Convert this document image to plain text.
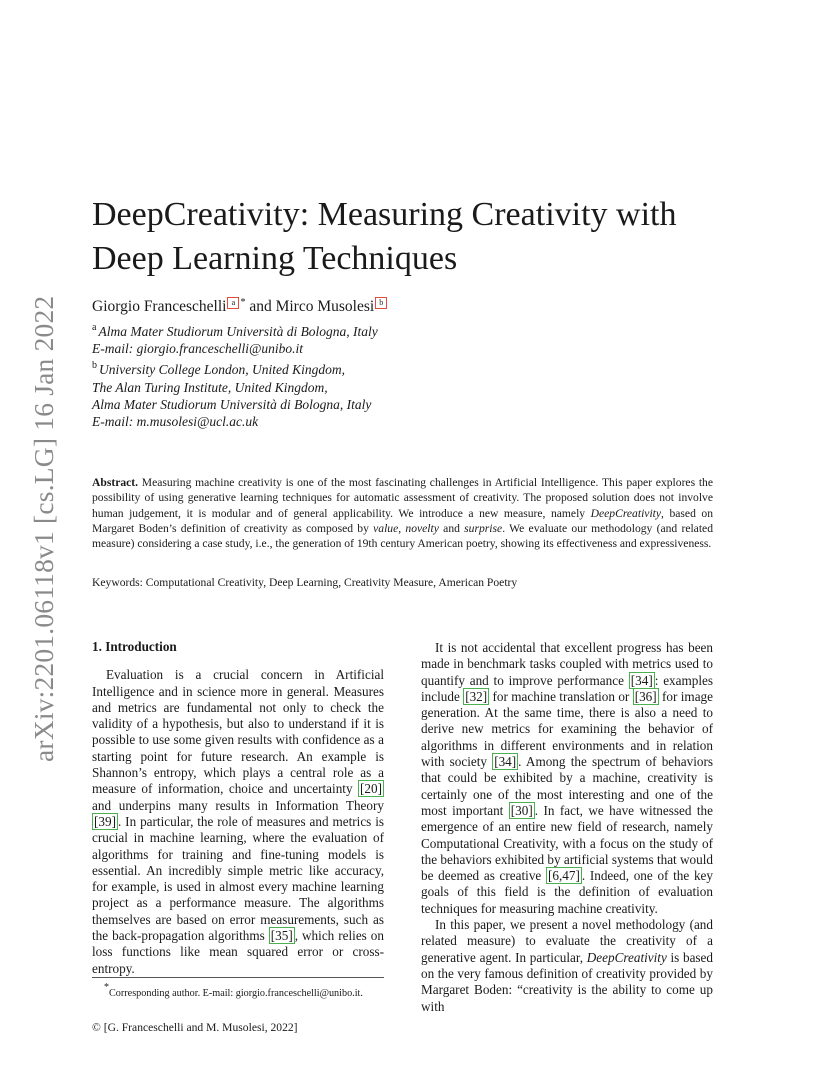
arXiv:2201.06118v1 [cs.LG] 16 Jan 2022
DeepCreativity: Measuring Creativity with Deep Learning Techniques
Giorgio Franceschelli a * and Mirco Musolesi b
$^a$ Alma Mater Studiorum Università di Bologna, Italy
E-mail: giorgio.franceschelli@unibo.it
$^b$ University College London, United Kingdom,
The Alan Turing Institute, United Kingdom,
Alma Mater Studiorum Università di Bologna, Italy
E-mail: m.musolesi@ucl.ac.uk

Abstract. Measuring machine creativity is one of the most fascinating challenges in Artificial Intelligence. This paper explores the possibility of using generative learning techniques for automatic assessment of creativity. The proposed solution does not involve human judgement, it is modular and of general applicability. We introduce a new measure, namely DeepCreativity, based on Margaret Boden’s definition of creativity as composed by value, novelty and surprise. We evaluate our methodology (and related measure) considering a case study, i.e., the generation of 19th century American poetry, showing its effectiveness and expressiveness.

Keywords: Computational Creativity, Deep Learning, Creativity Measure, American Poetry

1. Introduction

Evaluation is a crucial concern in Artificial Intelligence and in science more in general. Measures and metrics are fundamental not only to check the validity of a hypothesis, but also to understand if it is possible to use some given results with confidence as a starting point for future research. An example is Shannon’s entropy, which plays a central role as a measure of information, choice and uncertainty [20] and underpins many results in Information Theory [39] . In particular, the role of measures and metrics is crucial in machine learning, where the evaluation of algorithms for training and fine-tuning models is essential. An incredibly simple metric like accuracy, for example, is used in almost every machine learning project as a performance measure. The algorithms themselves are based on error measurements, such as the back-propagation algorithms [35] , which relies on loss functions like mean squared error or cross-entropy.

*Corresponding author. E-mail: giorgio.franceschelli@unibo.it.

It is not accidental that excellent progress has been made in benchmark tasks coupled with metrics used to quantify and to improve performance [34] : examples include [32] for machine translation or [36] for image generation. At the same time, there is also a need to derive new metrics for examining the behavior of algorithms in different environments and in relation with society [34] . Among the spectrum of behaviors that could be exhibited by a machine, creativity is certainly one of the most interesting and one of the most important [30] . In fact, we have witnessed the emergence of an entire new field of research, namely Computational Creativity, with a focus on the study of the behaviors exhibited by artificial systems that would be deemed as creative [6,47] . Indeed, one of the key goals of this field is the definition of evaluation techniques for measuring machine creativity.

In this paper, we present a novel methodology (and related measure) to evaluate the creativity of a generative agent. In particular, DeepCreativity is based on the very famous definition of creativity provided by Margaret Boden: “creativity is the ability to come up with

© [G. Franceschelli and M. Musolesi, 2022]
